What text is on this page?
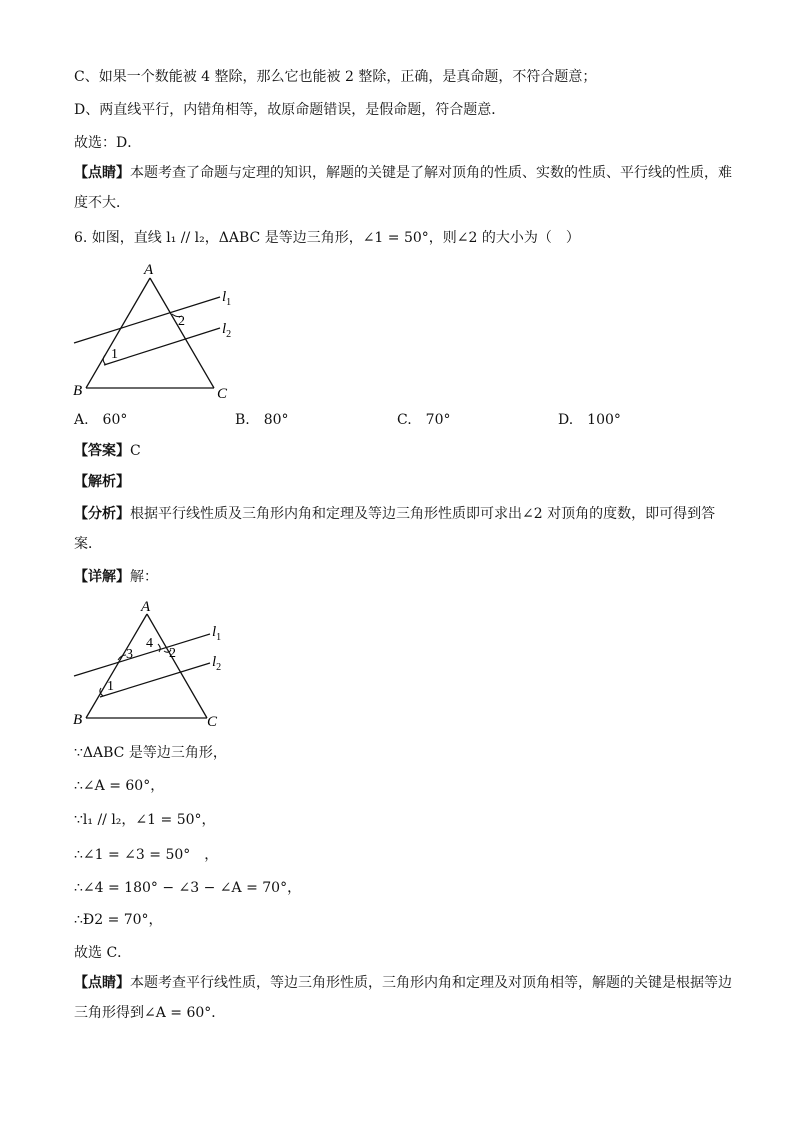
C、如果一个数能被 4 整除，那么它也能被 2 整除，正确，是真命题，不符合题意；
D、两直线平行，内错角相等，故原命题错误，是假命题，符合题意．
故选：D．
【点睛】本题考查了命题与定理的知识，解题的关键是了解对顶角的性质、实数的性质、平行线的性质，难度不大．
6. 如图，直线 l₁ // l₂，ΔABC 是等边三角形，∠1 = 50°，则∠2 的大小为（　）
A
B	C
$l_1$
$l_2$
1
2
A.　60°	B.　80°	C.　70°	D.　100°
【答案】C
【解析】
【分析】根据平行线性质及三角形内角和定理及等边三角形性质即可求出∠2 对顶角的度数，即可得到答案．
【详解】解：
A
B	C
$l_1$
$l_2$
1
3
4
2
∵ΔABC 是等边三角形，
∴∠A = 60°，
∵l₁ // l₂，∠1 = 50°，
∴∠1 = ∠3 = 50°　，
∴∠4 = 180° − ∠3 − ∠A = 70°，
∴Ð2 = 70°，
故选 C．
【点睛】本题考查平行线性质，等边三角形性质，三角形内角和定理及对顶角相等，解题的关键是根据等边三角形得到∠A = 60°．
